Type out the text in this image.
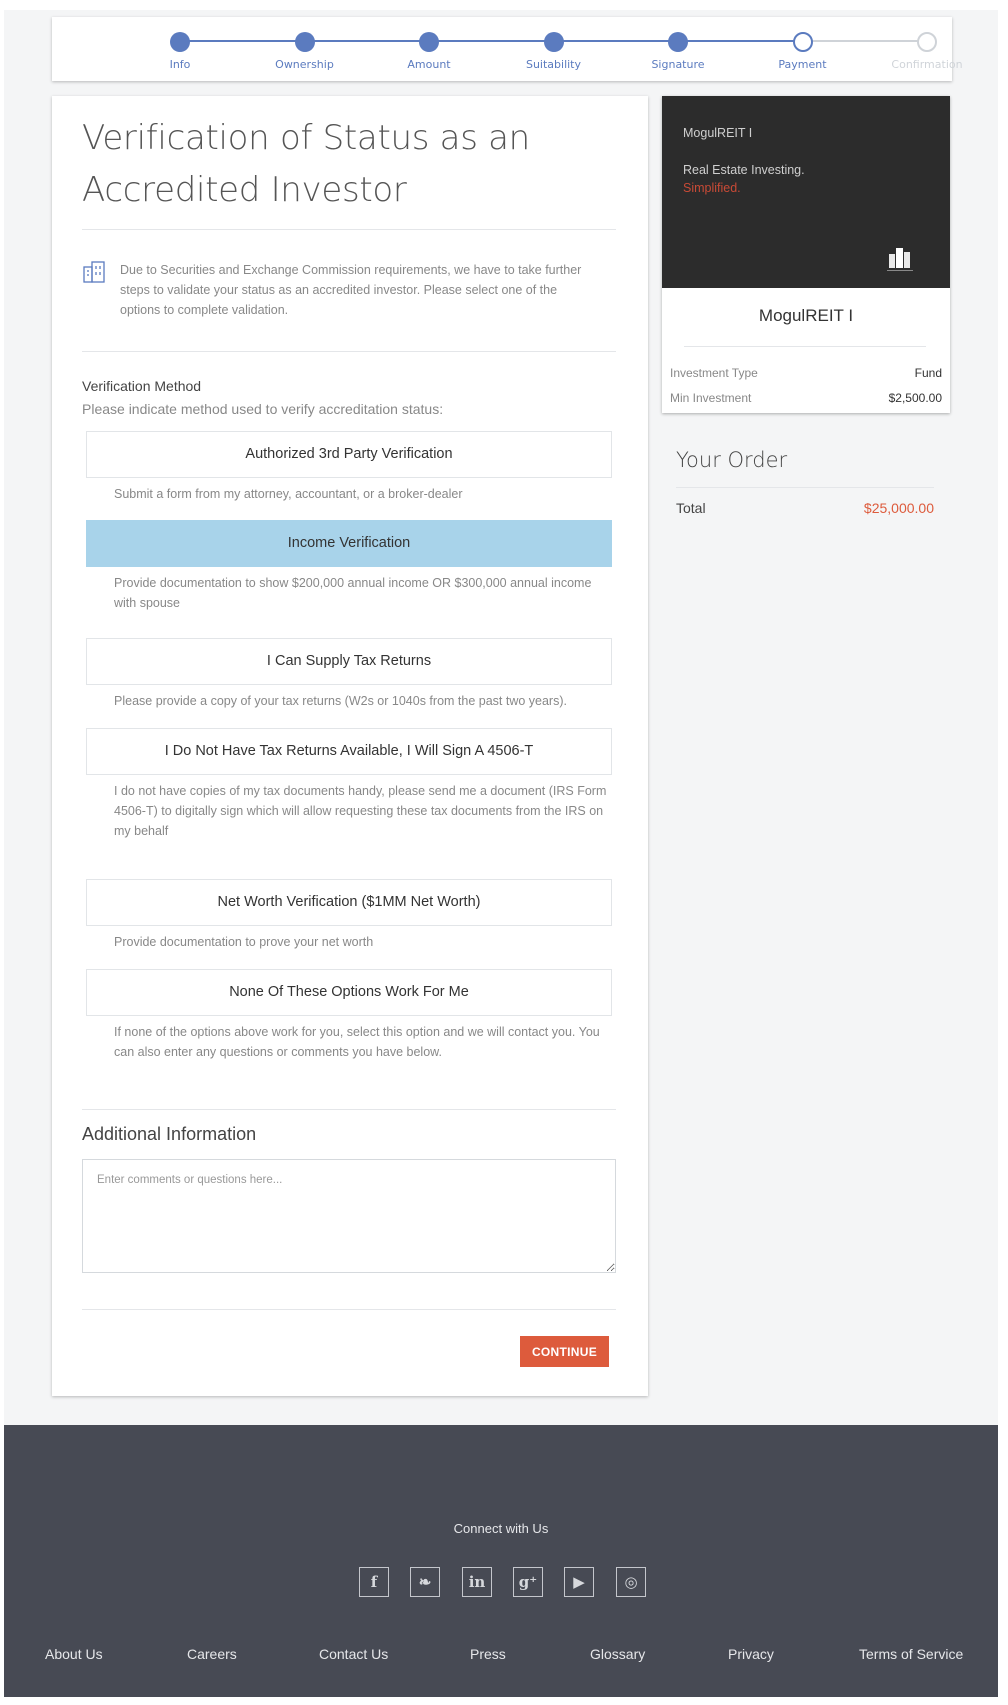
Info	Ownership	Amount	Suitability	Signature	Payment	Confirmation
Verification of Status as an Accredited Investor

Due to Securities and Exchange Commission requirements, we have to take further steps to validate your status as an accredited investor. Please select one of the options to complete validation.

Verification Method
Please indicate method used to verify accreditation status:
Authorized 3rd Party Verification

Submit a form from my attorney, accountant, or a broker-dealer

Income Verification

Provide documentation to show $200,000 annual income OR $300,000 annual income with spouse

I Can Supply Tax Returns

Please provide a copy of your tax returns (W2s or 1040s from the past two years).

I Do Not Have Tax Returns Available, I Will Sign A 4506-T

I do not have copies of my tax documents handy, please send me a document (IRS Form 4506-T) to digitally sign which will allow requesting these tax documents from the IRS on my behalf

Net Worth Verification ($1MM Net Worth)

Provide documentation to prove your net worth

None Of These Options Work For Me

If none of the options above work for you, select this option and we will contact you. You can also enter any questions or comments you have below.

Additional Information
Enter comments or questions here...
CONTINUE
MogulREIT I
Real Estate Investing.
Simplified.
MogulREIT I
Investment Type	Fund
Min Investment	$2,500.00
Your Order
Total	$25,000.00
Connect with Us
f	❧	in	g⁺	▶	◎
About Us	Careers	Contact Us	Press	Glossary	Privacy	Terms of Service
